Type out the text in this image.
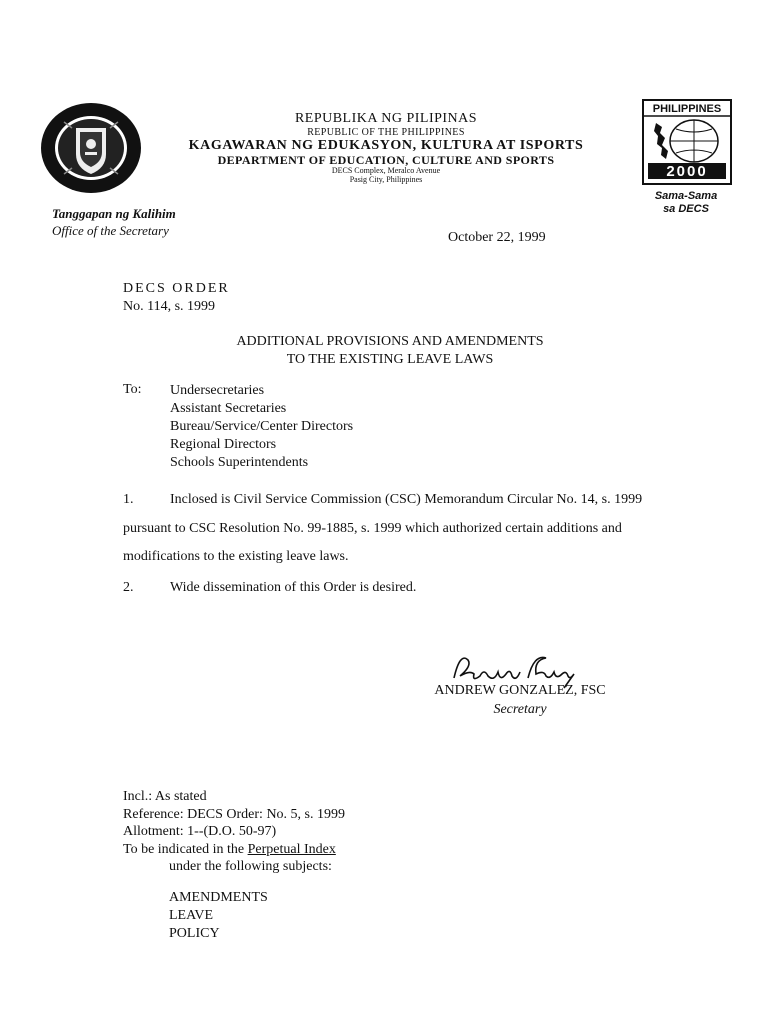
REPUBLIKA NG PILIPINAS
REPUBLIC OF THE PHILIPPINES
KAGAWARAN NG EDUKASYON, KULTURA AT ISPORTS
DEPARTMENT OF EDUCATION, CULTURE AND SPORTS
DECS Complex, Meralco Avenue
Pasig City, Philippines
PHILIPPINES
2000
Sama-Sama
sa DECS
Tanggapan ng Kalihim
Office of the Secretary	October 22, 1999
DECS ORDER
No. 114, s. 1999
ADDITIONAL PROVISIONS AND AMENDMENTS
TO THE EXISTING LEAVE LAWS
To: Undersecretaries
Assistant Secretaries
Bureau/Service/Center Directors
Regional Directors
Schools Superintendents
1.	Inclosed is Civil Service Commission (CSC) Memorandum Circular No. 14, s. 1999 pursuant to CSC Resolution No. 99-1885, s. 1999 which authorized certain additions and modifications to the existing leave laws.
2.	Wide dissemination of this Order is desired.
ANDREW GONZALEZ, FSC
Secretary
Incl.: As stated
Reference: DECS Order: No. 5, s. 1999
Allotment: 1--(D.O. 50-97)
To be indicated in the Perpetual Index
under the following subjects:
AMENDMENTS
LEAVE
POLICY
